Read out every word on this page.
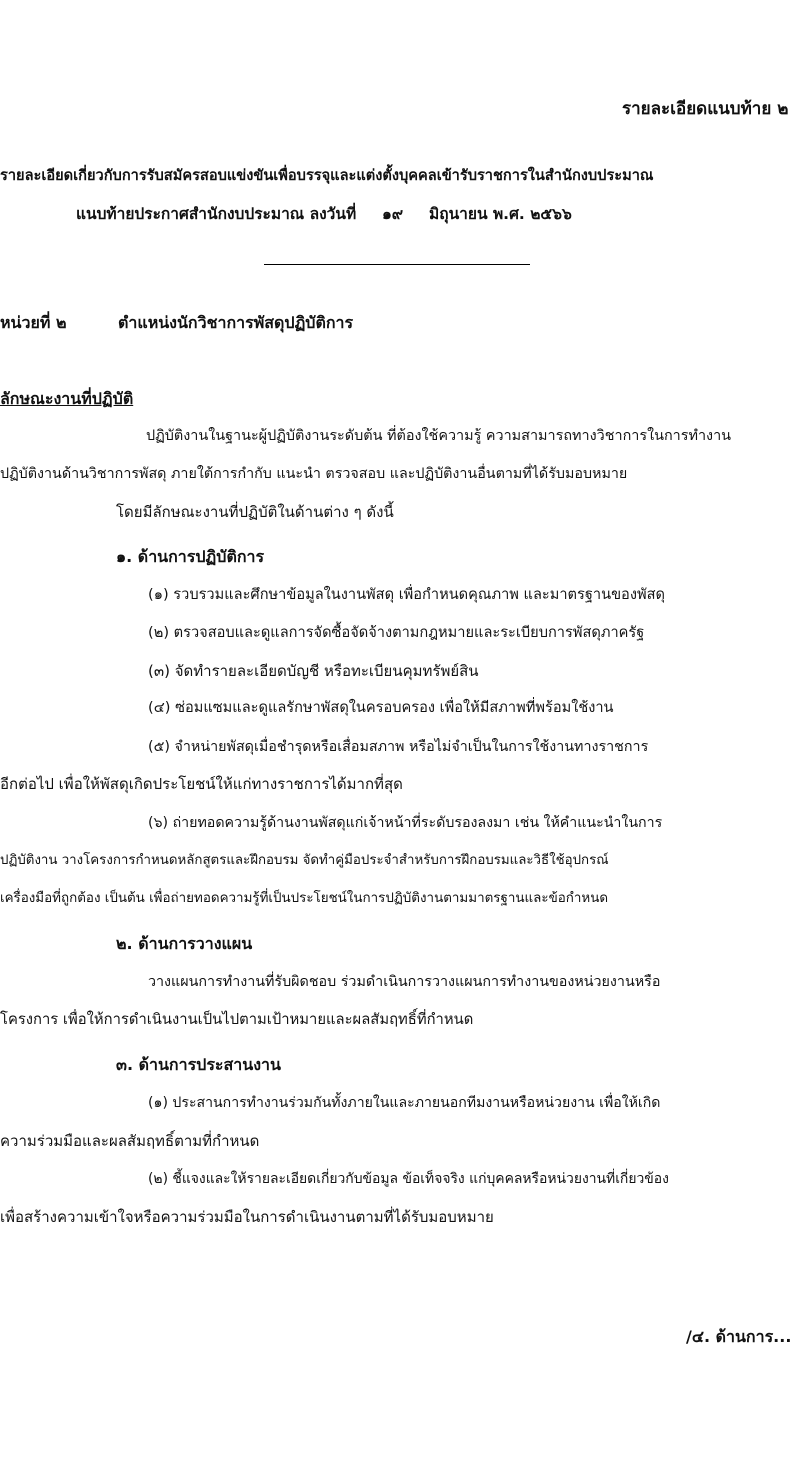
รายละเอียดแนบท้าย ๒
รายละเอียดเกี่ยวกับการรับสมัครสอบแข่งขันเพื่อบรรจุและแต่งตั้งบุคคลเข้ารับราชการในสำนักงบประมาณ
แนบท้ายประกาศสำนักงบประมาณ ลงวันที่ ๑๙ มิถุนายน พ.ศ. ๒๕๖๖
หน่วยที่ ๒	ตำแหน่งนักวิชาการพัสดุปฏิบัติการ
ลักษณะงานที่ปฏิบัติ
ปฏิบัติงานในฐานะผู้ปฏิบัติงานระดับต้น ที่ต้องใช้ความรู้ ความสามารถทางวิชาการในการทำงาน
ปฏิบัติงานด้านวิชาการพัสดุ ภายใต้การกำกับ แนะนำ ตรวจสอบ และปฏิบัติงานอื่นตามที่ได้รับมอบหมาย
โดยมีลักษณะงานที่ปฏิบัติในด้านต่าง ๆ ดังนี้
๑. ด้านการปฏิบัติการ
(๑) รวบรวมและศึกษาข้อมูลในงานพัสดุ เพื่อกำหนดคุณภาพ และมาตรฐานของพัสดุ
(๒) ตรวจสอบและดูแลการจัดซื้อจัดจ้างตามกฎหมายและระเบียบการพัสดุภาครัฐ
(๓) จัดทำรายละเอียดบัญชี หรือทะเบียนคุมทรัพย์สิน
(๔) ซ่อมแซมและดูแลรักษาพัสดุในครอบครอง เพื่อให้มีสภาพที่พร้อมใช้งาน
(๕) จำหน่ายพัสดุเมื่อชำรุดหรือเสื่อมสภาพ หรือไม่จำเป็นในการใช้งานทางราชการ
อีกต่อไป เพื่อให้พัสดุเกิดประโยชน์ให้แก่ทางราชการได้มากที่สุด
(๖) ถ่ายทอดความรู้ด้านงานพัสดุแก่เจ้าหน้าที่ระดับรองลงมา เช่น ให้คำแนะนำในการ
ปฏิบัติงาน วางโครงการกำหนดหลักสูตรและฝึกอบรม จัดทำคู่มือประจำสำหรับการฝึกอบรมและวิธีใช้อุปกรณ์
เครื่องมือที่ถูกต้อง เป็นต้น เพื่อถ่ายทอดความรู้ที่เป็นประโยชน์ในการปฏิบัติงานตามมาตรฐานและข้อกำหนด
๒. ด้านการวางแผน
วางแผนการทำงานที่รับผิดชอบ ร่วมดำเนินการวางแผนการทำงานของหน่วยงานหรือ
โครงการ เพื่อให้การดำเนินงานเป็นไปตามเป้าหมายและผลสัมฤทธิ์ที่กำหนด
๓. ด้านการประสานงาน
(๑) ประสานการทำงานร่วมกันทั้งภายในและภายนอกทีมงานหรือหน่วยงาน เพื่อให้เกิด
ความร่วมมือและผลสัมฤทธิ์ตามที่กำหนด
(๒) ชี้แจงและให้รายละเอียดเกี่ยวกับข้อมูล ข้อเท็จจริง แก่บุคคลหรือหน่วยงานที่เกี่ยวข้อง
เพื่อสร้างความเข้าใจหรือความร่วมมือในการดำเนินงานตามที่ได้รับมอบหมาย
/๔. ด้านการ...
